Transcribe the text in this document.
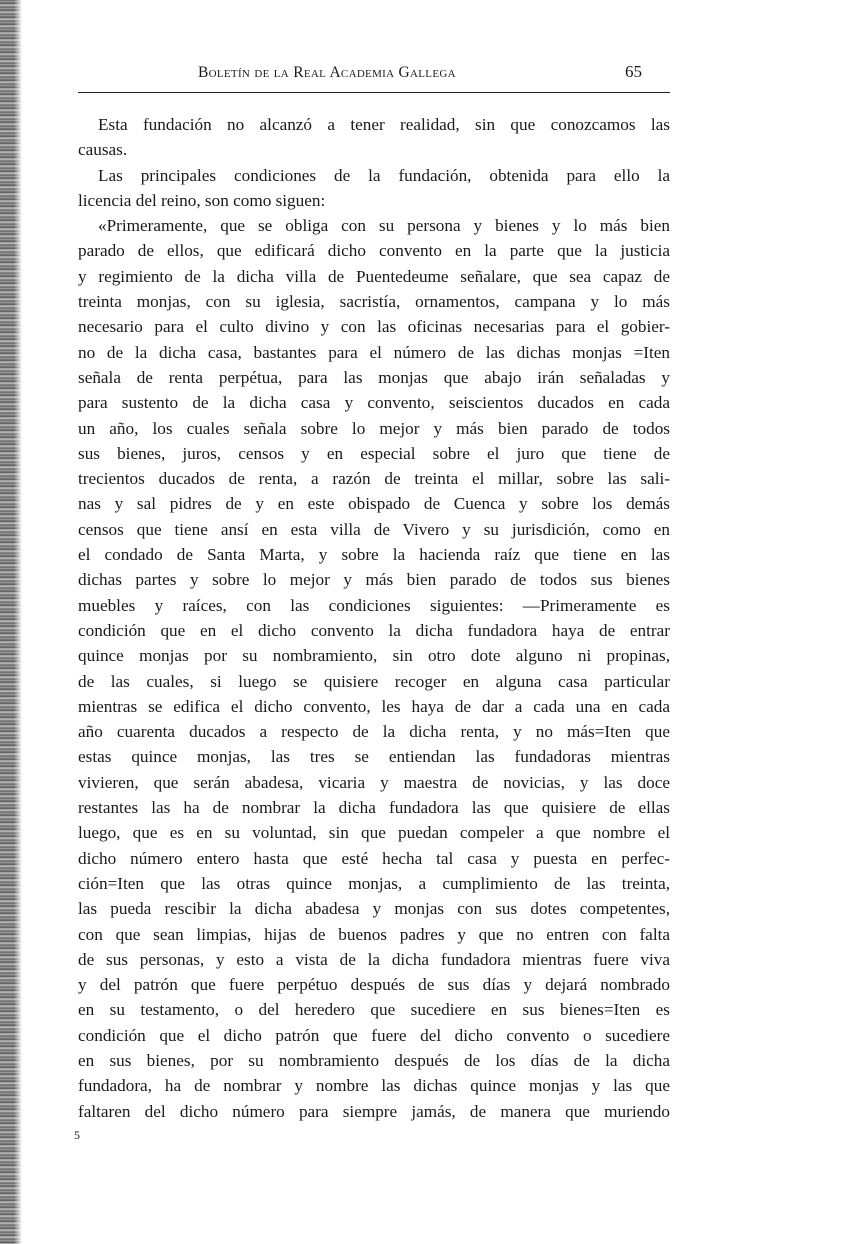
Boletín de la Real Academia Gallega	65
Esta fundación no alcanzó a tener realidad, sin que conozcamos las
causas.
Las principales condiciones de la fundación, obtenida para ello la
licencia del reino, son como siguen:
«Primeramente, que se obliga con su persona y bienes y lo más bien
parado de ellos, que edificará dicho convento en la parte que la justicia
y regimiento de la dicha villa de Puentedeume señalare, que sea capaz de
treinta monjas, con su iglesia, sacristía, ornamentos, campana y lo más
necesario para el culto divino y con las oficinas necesarias para el gobier-
no de la dicha casa, bastantes para el número de las dichas monjas =Iten
señala de renta perpétua, para las monjas que abajo irán señaladas y
para sustento de la dicha casa y convento, seiscientos ducados en cada
un año, los cuales señala sobre lo mejor y más bien parado de todos
sus bienes, juros, censos y en especial sobre el juro que tiene de
trecientos ducados de renta, a razón de treinta el millar, sobre las sali-
nas y sal pidres de y en este obispado de Cuenca y sobre los demás
censos que tiene ansí en esta villa de Vivero y su jurisdición, como en
el condado de Santa Marta, y sobre la hacienda raíz que tiene en las
dichas partes y sobre lo mejor y más bien parado de todos sus bienes
muebles y raíces, con las condiciones siguientes: —Primeramente es
condición que en el dicho convento la dicha fundadora haya de entrar
quince monjas por su nombramiento, sin otro dote alguno ni propinas,
de las cuales, si luego se quisiere recoger en alguna casa particular
mientras se edifica el dicho convento, les haya de dar a cada una en cada
año cuarenta ducados a respecto de la dicha renta, y no más=Iten que
estas quince monjas, las tres se entiendan las fundadoras mientras
vivieren, que serán abadesa, vicaria y maestra de novicias, y las doce
restantes las ha de nombrar la dicha fundadora las que quisiere de ellas
luego, que es en su voluntad, sin que puedan compeler a que nombre el
dicho número entero hasta que esté hecha tal casa y puesta en perfec-
ción=Iten que las otras quince monjas, a cumplimiento de las treinta,
las pueda rescibir la dicha abadesa y monjas con sus dotes competentes,
con que sean limpias, hijas de buenos padres y que no entren con falta
de sus personas, y esto a vista de la dicha fundadora mientras fuere viva
y del patrón que fuere perpétuo después de sus días y dejará nombrado
en su testamento, o del heredero que sucediere en sus bienes=Iten es
condición que el dicho patrón que fuere del dicho convento o sucediere
en sus bienes, por su nombramiento después de los días de la dicha
fundadora, ha de nombrar y nombre las dichas quince monjas y las que
faltaren del dicho número para siempre jamás, de manera que muriendo
5
